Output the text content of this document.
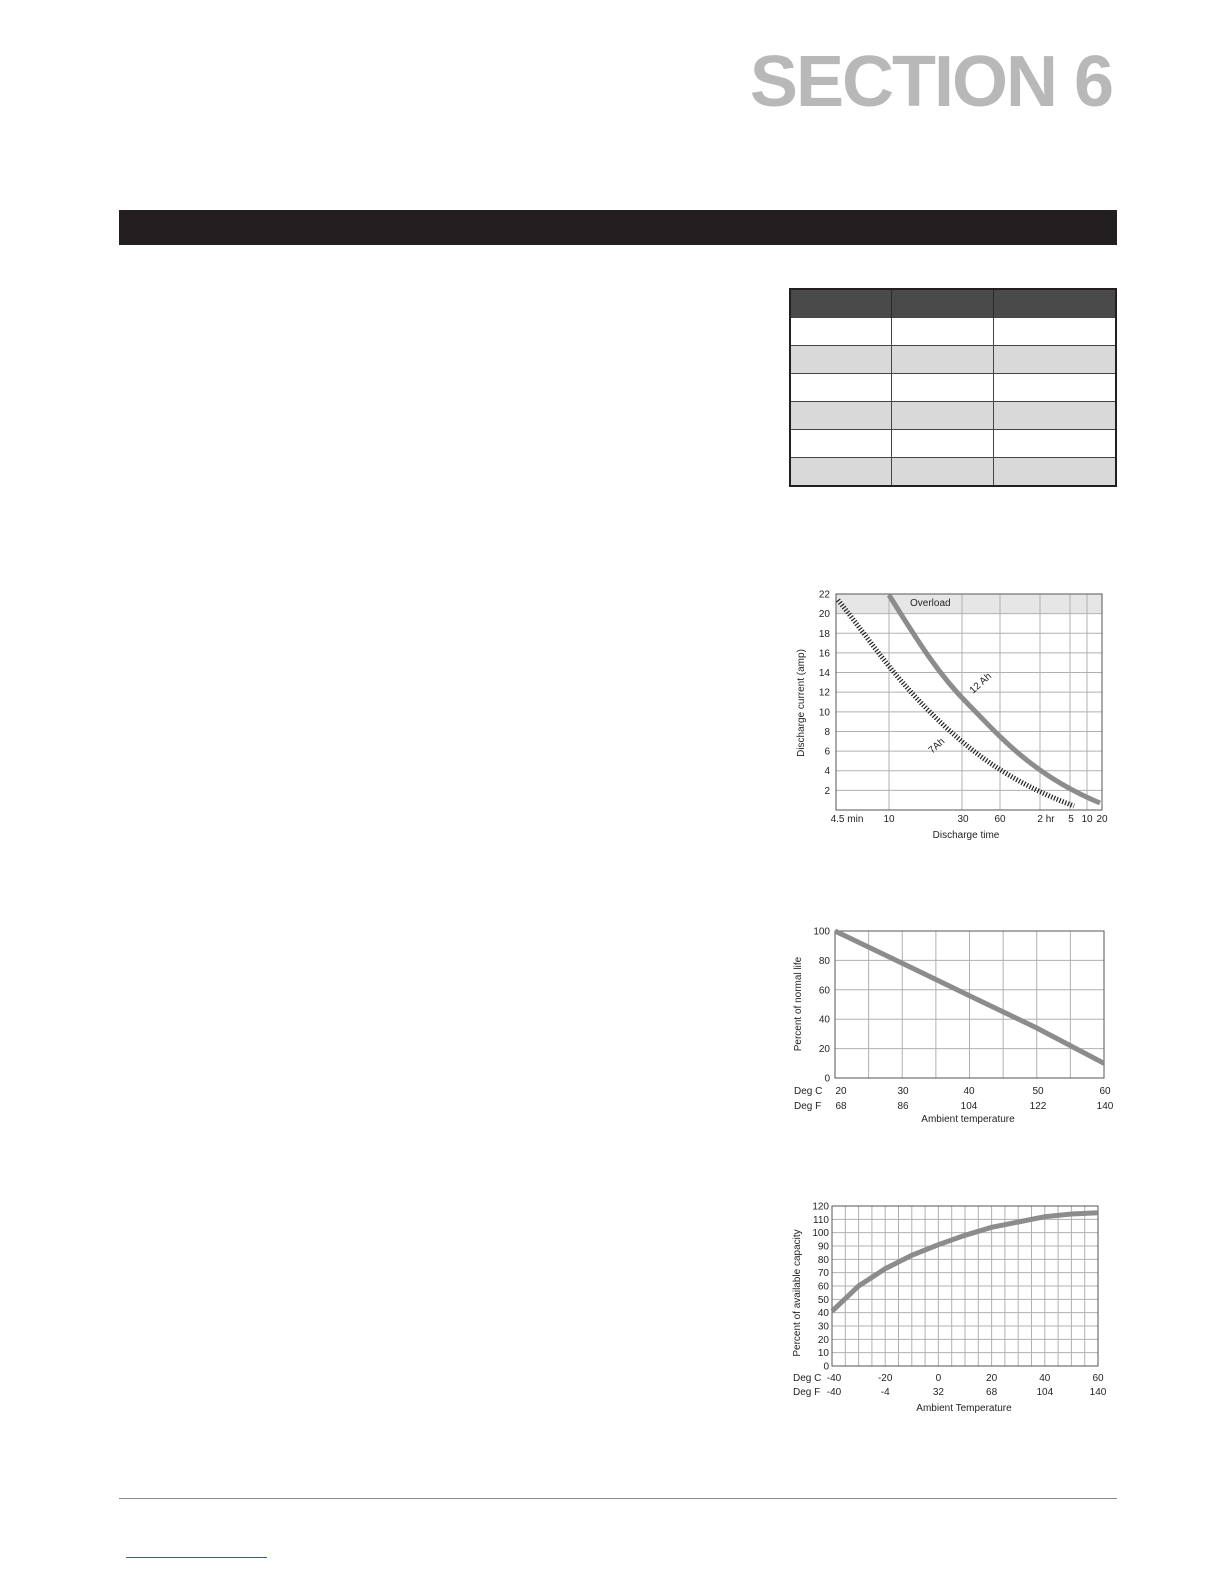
SECTION 6

Overload
22
20
18
16
14
12
10
8
6
4
2
4.5 min 10	30	60	2 hr 5 10 20
12 Ah
7Ah
Discharge current (amp)
Discharge time
100
80
60
40
20
0
20	30	40	50	60
68	86	104	122	140
Deg C
Deg F
Percent of normal life
Ambient temperature
120
110
100
90
80
70
60
50
40
30
20
10
0
-40	-20	0	20	40	60
-40	-4	32	68	104	140
Deg C
Deg F
Percent of available capacity
Ambient Temperature
